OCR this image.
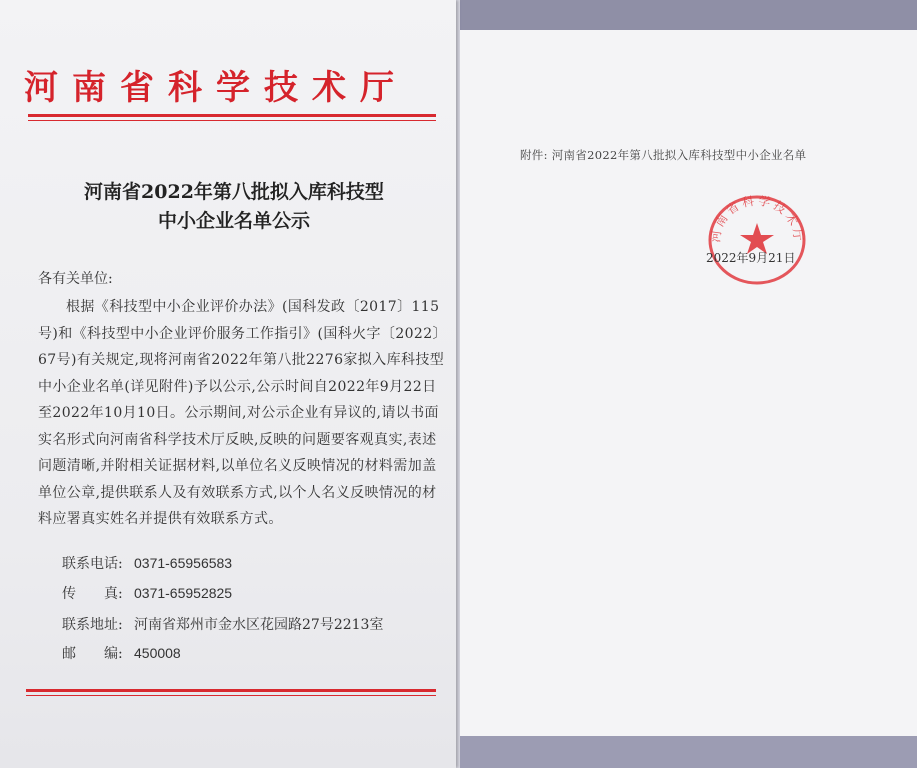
河南省科学技术厅
河南省2022年第八批拟入库科技型
中小企业名单公示
各有关单位:
根据《科技型中小企业评价办法》(国科发政〔2017〕115号)和《科技型中小企业评价服务工作指引》(国科火字〔2022〕67号)有关规定,现将河南省2022年第八批2276家拟入库科技型中小企业名单(详见附件)予以公示,公示时间自2022年9月22日至2022年10月10日。公示期间,对公示企业有异议的,请以书面实名形式向河南省科学技术厅反映,反映的问题要客观真实,表述问题清晰,并附相关证据材料,以单位名义反映情况的材料需加盖单位公章,提供联系人及有效联系方式,以个人名义反映情况的材料应署真实姓名并提供有效联系方式。
联系电话: 0371-65956583
传　　真: 0371-65952825
联系地址: 河南省郑州市金水区花园路27号2213室
邮　　编: 450008
附件: 河南省2022年第八批拟入库科技型中小企业名单
河南省科学技术厅
2022年9月21日
